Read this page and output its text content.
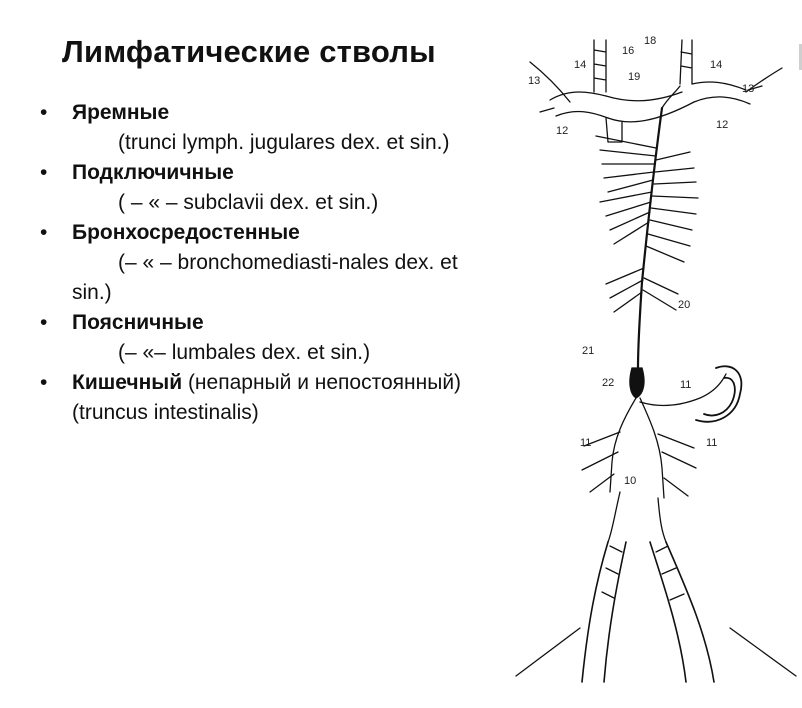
Лимфатические стволы
• Яремные
(trunci lymph. jugulares dex. et sin.)
• Подключичные
( – « – subclavii dex. et sin.)
• Бронхосредостенные
(– « – bronchomediasti-nales dex. et sin.)
• Поясничные
(– «– lumbales dex. et sin.)
• Кишечный (непарный и непостоянный) (truncus intestinalis)
16
18
14	14
13
13
19
12	12
20
21
22	11
11	11
10
